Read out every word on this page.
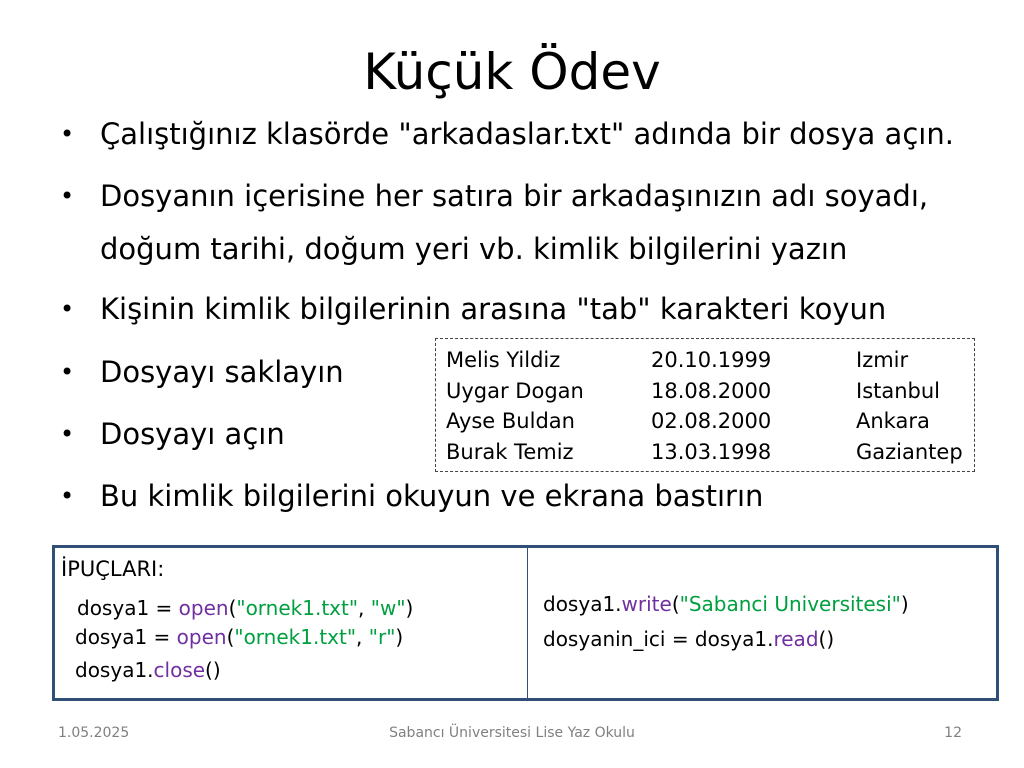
Küçük Ödev
• Çalıştığınız klasörde "arkadaslar.txt" adında bir dosya açın.
• Dosyanın içerisine her satıra bir arkadaşınızın adı soyadı,
doğum tarihi, doğum yeri vb. kimlik bilgilerini yazın
• Kişinin kimlik bilgilerinin arasına "tab" karakteri koyun
• Dosyayı saklayın
• Dosyayı açın
• Bu kimlik bilgilerini okuyun ve ekrana bastırın
Melis Yildiz	20.10.1999	Izmir
Uygar Dogan	18.08.2000	Istanbul
Ayse Buldan	02.08.2000	Ankara
Burak Temiz	13.03.1998	Gaziantep
İPUÇLARI:
dosya1 = open("ornek1.txt", "w")
dosya1 = open("ornek1.txt", "r")
dosya1.close()
dosya1.write("Sabanci Universitesi")
dosyanin_ici = dosya1.read()
1.05.2025	Sabancı Üniversitesi Lise Yaz Okulu	12
